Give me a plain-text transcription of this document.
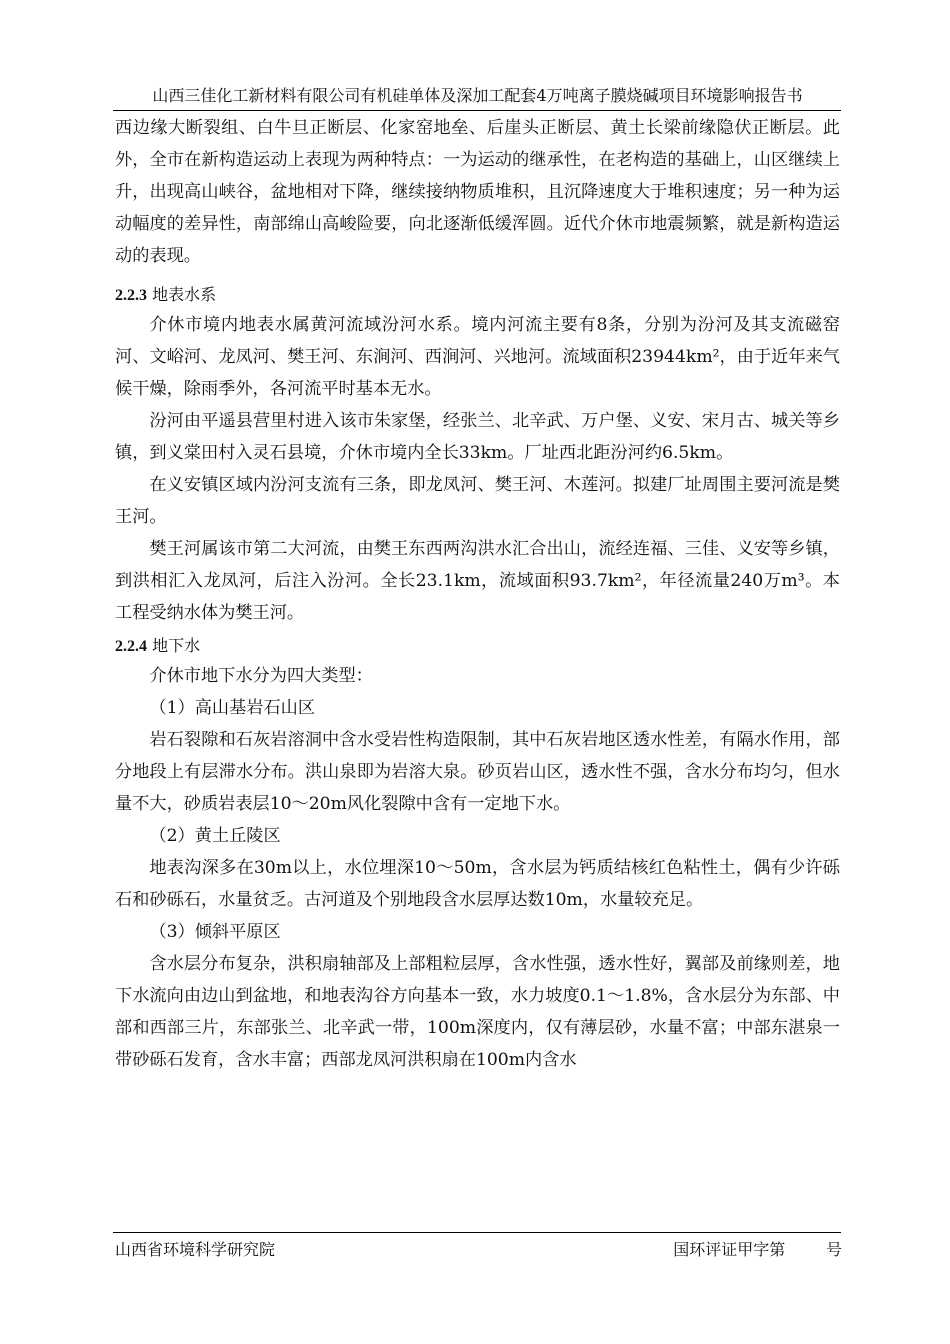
山西三佳化工新材料有限公司有机硅单体及深加工配套4万吨离子膜烧碱项目环境影响报告书

西边缘大断裂组、白牛旦正断层、化家窑地垒、后崖头正断层、黄土长梁前缘隐伏正断层。此外，全市在新构造运动上表现为两种特点：一为运动的继承性，在老构造的基础上，山区继续上升，出现高山峡谷，盆地相对下降，继续接纳物质堆积，且沉降速度大于堆积速度；另一种为运动幅度的差异性，南部绵山高峻险要，向北逐渐低缓浑圆。近代介休市地震频繁，就是新构造运动的表现。

2.2.3 地表水系

介休市境内地表水属黄河流域汾河水系。境内河流主要有8条，分别为汾河及其支流磁窑河、文峪河、龙凤河、樊王河、东涧河、西涧河、兴地河。流域面积23944km²，由于近年来气候干燥，除雨季外，各河流平时基本无水。

汾河由平遥县营里村进入该市朱家堡，经张兰、北辛武、万户堡、义安、宋月古、城关等乡镇，到义棠田村入灵石县境，介休市境内全长33km。厂址西北距汾河约6.5km。

在义安镇区域内汾河支流有三条，即龙凤河、樊王河、木莲河。拟建厂址周围主要河流是樊王河。

樊王河属该市第二大河流，由樊王东西两沟洪水汇合出山，流经连福、三佳、义安等乡镇，到洪相汇入龙凤河，后注入汾河。全长23.1km，流域面积93.7km²，年径流量240万m³。本工程受纳水体为樊王河。

2.2.4 地下水

介休市地下水分为四大类型：

（1）高山基岩石山区

岩石裂隙和石灰岩溶洞中含水受岩性构造限制，其中石灰岩地区透水性差，有隔水作用，部分地段上有层滞水分布。洪山泉即为岩溶大泉。砂页岩山区，透水性不强，含水分布均匀，但水量不大，砂质岩表层10～20m风化裂隙中含有一定地下水。

（2）黄土丘陵区

地表沟深多在30m以上，水位埋深10～50m，含水层为钙质结核红色粘性土，偶有少许砾石和砂砾石，水量贫乏。古河道及个别地段含水层厚达数10m，水量较充足。

（3）倾斜平原区

含水层分布复杂，洪积扇轴部及上部粗粒层厚，含水性强，透水性好，翼部及前缘则差，地下水流向由边山到盆地，和地表沟谷方向基本一致，水力坡度0.1～1.8%，含水层分为东部、中部和西部三片，东部张兰、北辛武一带，100m深度内，仅有薄层砂，水量不富；中部东湛泉一带砂砾石发育，含水丰富；西部龙凤河洪积扇在100m内含水

山西省环境科学研究院	国环评证甲字第        号
